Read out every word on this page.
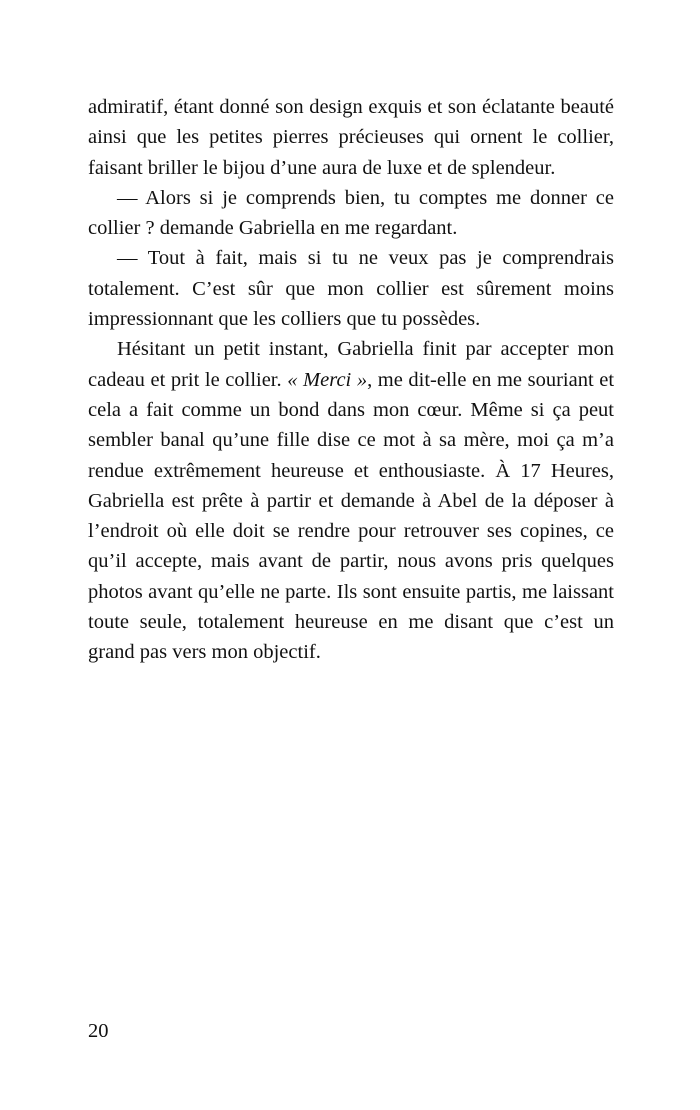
admiratif, étant donné son design exquis et son éclatante beauté ainsi que les petites pierres précieuses qui ornent le collier, faisant briller le bijou d’une aura de luxe et de splendeur.

— Alors si je comprends bien, tu comptes me donner ce collier ? demande Gabriella en me regardant.

— Tout à fait, mais si tu ne veux pas je comprendrais totalement. C’est sûr que mon collier est sûrement moins impressionnant que les colliers que tu possèdes.

Hésitant un petit instant, Gabriella finit par accepter mon cadeau et prit le collier. « Merci », me dit-elle en me souriant et cela a fait comme un bond dans mon cœur. Même si ça peut sembler banal qu’une fille dise ce mot à sa mère, moi ça m’a rendue extrêmement heureuse et enthousiaste. À 17 Heures, Gabriella est prête à partir et demande à Abel de la déposer à l’endroit où elle doit se rendre pour retrouver ses copines, ce qu’il accepte, mais avant de partir, nous avons pris quelques photos avant qu’elle ne parte. Ils sont ensuite partis, me laissant toute seule, totalement heureuse en me disant que c’est un grand pas vers mon objectif.

20
